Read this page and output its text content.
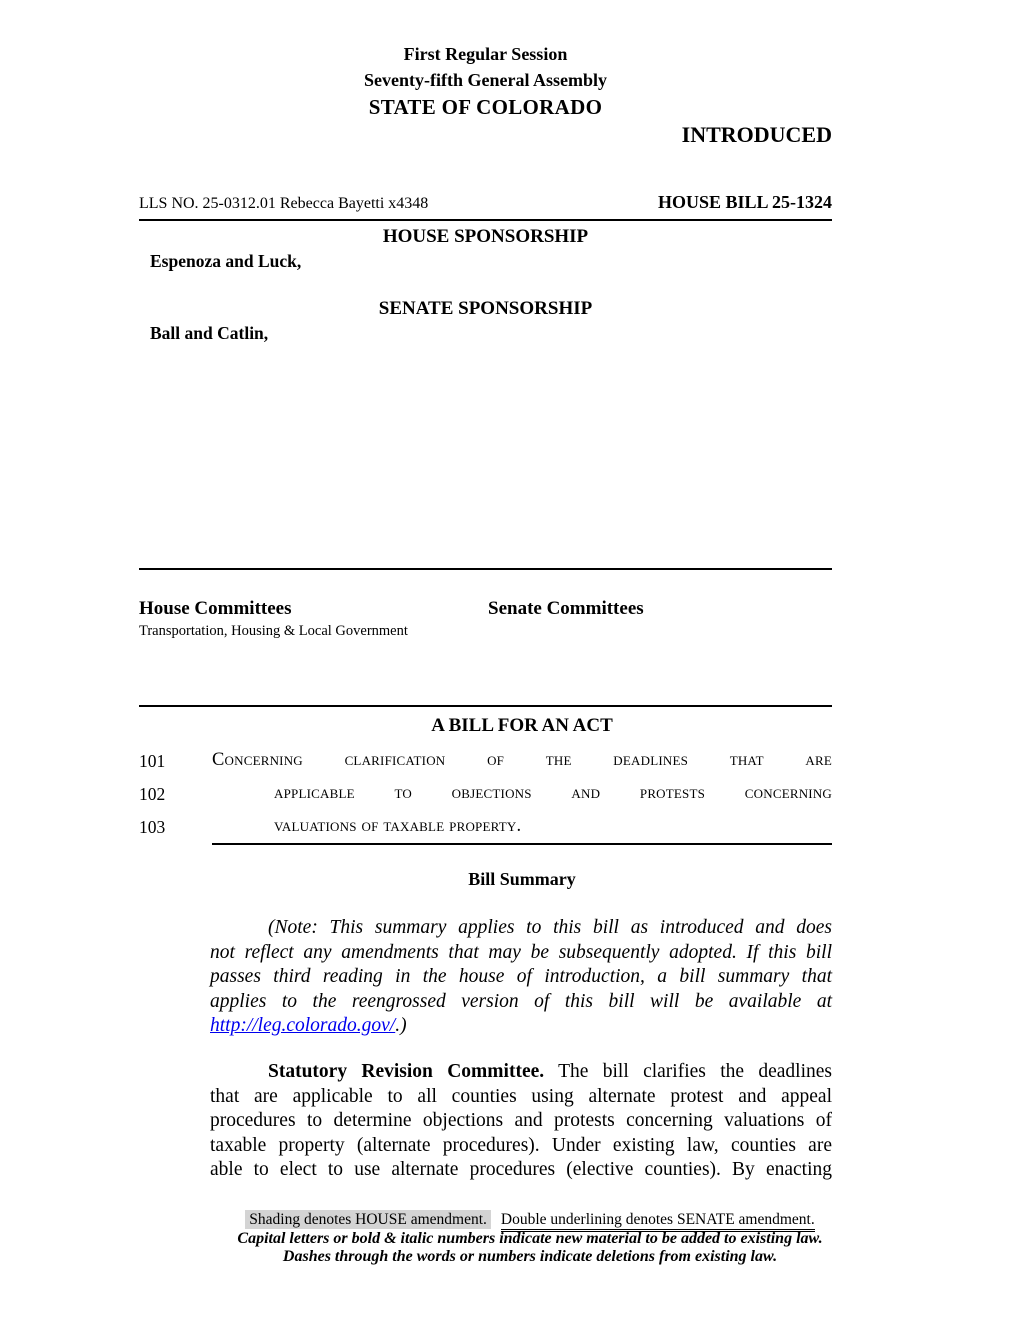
First Regular Session
Seventy-fifth General Assembly
STATE OF COLORADO
INTRODUCED
LLS NO. 25-0312.01 Rebecca Bayetti x4348	HOUSE BILL 25-1324
HOUSE SPONSORSHIP
Espenoza and Luck,
SENATE SPONSORSHIP
Ball and Catlin,
House Committees	Senate Committees
Transportation, Housing & Local Government
A BILL FOR AN ACT
101	Concerning clarification of the deadlines that are
102	applicable to objections and protests concerning
103	valuations of taxable property.
Bill Summary
(Note: This summary applies to this bill as introduced and does
not reflect any amendments that may be subsequently adopted. If this bill
passes third reading in the house of introduction, a bill summary that
applies to the reengrossed version of this bill will be available at
http://leg.colorado.gov/.)
Statutory Revision Committee. The bill clarifies the deadlines
that are applicable to all counties using alternate protest and appeal
procedures to determine objections and protests concerning valuations of
taxable property (alternate procedures). Under existing law, counties are
able to elect to use alternate procedures (elective counties). By enacting
Shading denotes HOUSE amendment. Double underlining denotes SENATE amendment.
Capital letters or bold & italic numbers indicate new material to be added to existing law.
Dashes through the words or numbers indicate deletions from existing law.
